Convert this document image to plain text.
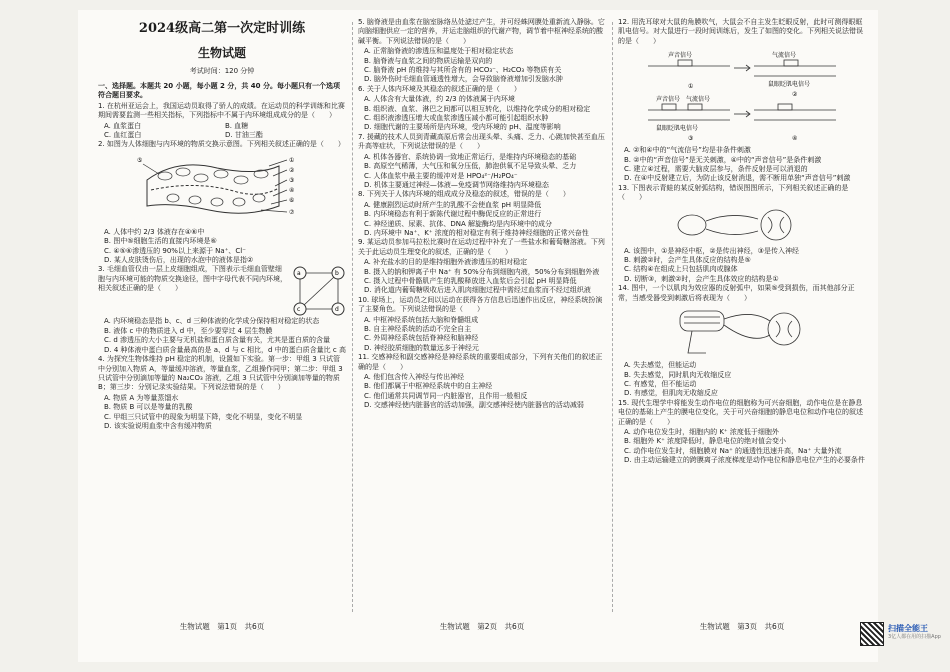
2024级高二第一次定时训练
生物试题
考试时间：120 分钟
一、选择题。本题共 20 小题，每小题 2 分，共 40 分。每小题只有一个选项符合题目要求。
1. 在杭州亚运会上，我国运动员取得了骄人的成绩。在运动员的科学训练和比赛期间需要监测一些相关指标，下列指标中不属于内环境组成成分的是（　　）
A. 血浆蛋白	B. 血糖
C. 血红蛋白	D. 甘油三酯
2. 如图为人体细胞与内环境的物质交换示意图。下列相关叙述正确的是（　　）
①
②
③
④
⑤
⑥
⑦
A. 人体中约 2/3 体液存在④⑥中
B. 图中⑤细胞生活的直接内环境是⑥
C. ④⑤⑥渗透压的 90%以上来源于 Na⁺、Cl⁻
D. 某人皮肤烫伤后，出现的水泡中的液体是指②
3. 毛细血管仅由一层上皮细胞组成，下图表示毛细血管壁细胞与内环境可能的物质交换途径，图中字母代表不同内环境，相关叙述正确的是（　　）
a	b
c	d
A. 内环境稳态是指 b、c、d 三种体液的化学成分保持相对稳定的状态
B. 液体 c 中的物质进入 d 中，至少要穿过 4 层生物膜
C. d 渗透压的大小主要与无机盐和蛋白质含量有关，尤其是蛋白质的含量
D. 4 种体液中蛋白质含量最高的是 a、d 与 c 相比，d 中的蛋白质含量比 c 高
4. 为探究生物体维持 pH 稳定的机制，设置如下实验。第一步：甲组 3 只试管中分别加入物质 A，等量缓冲溶液，等量血浆，乙组操作同甲；第二步：甲组 3 只试管中分别滴加等量的 Na₂CO₃ 溶液，乙组 3 只试管中分别滴加等量的物质 B；第三步：分别记录实验结果。下列说法错误的是（　　）
A. 物质 A 为等量蒸馏水
B. 物质 B 可以是等量的乳酸
C. 甲组三只试管中的现象为明显下降，变化不明显，变化不明显
D. 该实验说明血浆中含有缓冲物质
生物试题　第1页　共6页
5. 脑脊液是由血浆在脑室脉络丛处滤过产生，并可经蛛网膜处重新流入静脉。它向脑细胞供应一定的营养，并运走脑组织的代谢产物，调节着中枢神经系统的酸碱平衡。下列说法错误的是（　　）
A. 正常脑脊液的渗透压和温度处于相对稳定状态
B. 脑脊液与血浆之间的物质运输是双向的
C. 脑脊液 pH 的维持与其所含有的 HCO₃⁻、H₂CO₃ 等物质有关
D. 脑外伤时毛细血管通透性增大，会导致脑脊液增加引发脑水肿
6. 关于人体内环境及其稳态的叙述正确的是（　　）
A. 人体含有大量体液，约 2/3 的体液属于内环境
B. 组织液、血浆、淋巴之间都可以相互转化，以维持化学成分的相对稳定
C. 组织液渗透压增大或血浆渗透压减小都可能引起组织水肿
D. 细胞代谢的主要场所是内环境，受内环境的 pH、温度等影响
7. 援藏的技术人员到青藏高原后常会出现头晕、头痛、乏力、心跳加快甚至血压升高等症状，下列说法错误的是（　　）
A. 机体各器官、系统协调一致地正常运行，是维持内环境稳态的基础
B. 高原空气稀薄，大气压和氧分压低，肺泡供氧不足导致头晕、乏力
C. 人体血浆中最主要的缓冲对是 HPO₄²⁻/H₂PO₄⁻
D. 机体主要通过神经—体液—免疫调节网络维持内环境稳态
8. 下列关于人体内环境的组成成分及稳态的叙述，错误的是（　　）
A. 健康剧烈运动时所产生的乳酸不会使血浆 pH 明显降低
B. 内环境稳态有利于新陈代谢过程中酶促反应的正常进行
C. 神经递质、尿素、抗体、DNA 解旋酶均是内环境中的成分
D. 内环境中 Na⁺、K⁺ 浓度的相对稳定有利于维持神经细胞的正常兴奋性
9. 某运动员参加马拉松比赛时在运动过程中补充了一些盐水和葡萄糖溶液。下列关于此运动员生理变化的叙述，正确的是（　　）
A. 补充盐水的目的是维持细胞外液渗透压的相对稳定
B. 摄入的钠和钾离子中 Na⁺ 有 50%分布到细胞内液，50%分布到细胞外液
C. 摄入过程中骨骼肌产生的乳酸释放进入血浆后会引起 pH 明显降低
D. 消化道内葡萄糖吸收后进入肌肉细胞过程中需经过血浆而不经过组织液
10. 球场上，运动员之间以运动在获得各方信息后迅速作出反应，神经系统扮演了主要角色。下列说法错误的是（　　）
A. 中枢神经系统包括大脑和脊髓组成
B. 自主神经系统的活动不完全自主
C. 外周神经系统包括脊神经和脑神经
D. 神经胶质细胞的数量远多于神经元
11. 交感神经和副交感神经是神经系统的重要组成部分，下列有关他们的叙述正确的是（　　）
A. 他们包含传入神经与传出神经
B. 他们都属于中枢神经系统中的自主神经
C. 他们通常共同调节同一内脏器官，且作用一般相反
D. 交感神经使内脏器官的活动加强，副交感神经使内脏器官的活动减弱
生物试题　第2页　共6页
12. 用洗耳球对大鼠的角膜吹气，大鼠会不自主发生眨眼反射，此时可测得眼眶肌电信号。对大鼠进行一段时间训练后，发生了如图的变化。下列相关说法错误的是（　　）
声音信号	气流信号
鼠眼眨肌电信号
声音信号 气流信号
鼠眼眨肌电信号
①
②
③	④
A. ②和④中的“气流信号”均是非条件刺激
B. ②中的“声音信号”是无关刺激，④中的“声音信号”是条件刺激
C. 建立④过程，需要大脑皮层参与，条件反射是可以消退的
D. 在④中反射建立后，为防止该反射消退，需不断用单独“声音信号”刺激
13. 下图表示青蛙的某反射弧结构，错误图图所示，下列相关叙述正确的是（　　）
A. 该图中，①是神经中枢，②是传出神经，③是传入神经
B. 刺激②时，会产生具体反应的结构是⑤
C. 结构④在组成上只包括肌肉或腺体
D. 切断③，刺激②时，会产生具体效应的结构是①
14. 图中，一个以肌肉为效应器的反射弧中，如果⑤受到损伤，而其他部分正常，当感受器受到刺激后将表现为（　　）
A. 失去感觉，但能运动
B. 失去感觉，同时肌肉无收缩反应
C. 有感觉，但不能运动
D. 有感觉，但肌肉无收缩反应
15. 现代生理学中将能发生动作电位的细胞称为可兴奋细胞，动作电位是在静息电位的基础上产生的膜电位变化，关于可兴奋细胞的静息电位和动作电位的叙述正确的是（　　）
A. 动作电位发生时，细胞内的 K⁺ 浓度低于细胞外
B. 细胞外 K⁺ 浓度降低时，静息电位的绝对值会变小
C. 动作电位发生时，细胞膜对 Na⁺ 的通透性迅速升高，Na⁺ 大量外流
D. 由主动运输建立的跨膜离子浓度梯度是动作电位和静息电位产生的必要条件
生物试题　第3页　共6页	扫描全能王
3亿人都在用的扫描App
